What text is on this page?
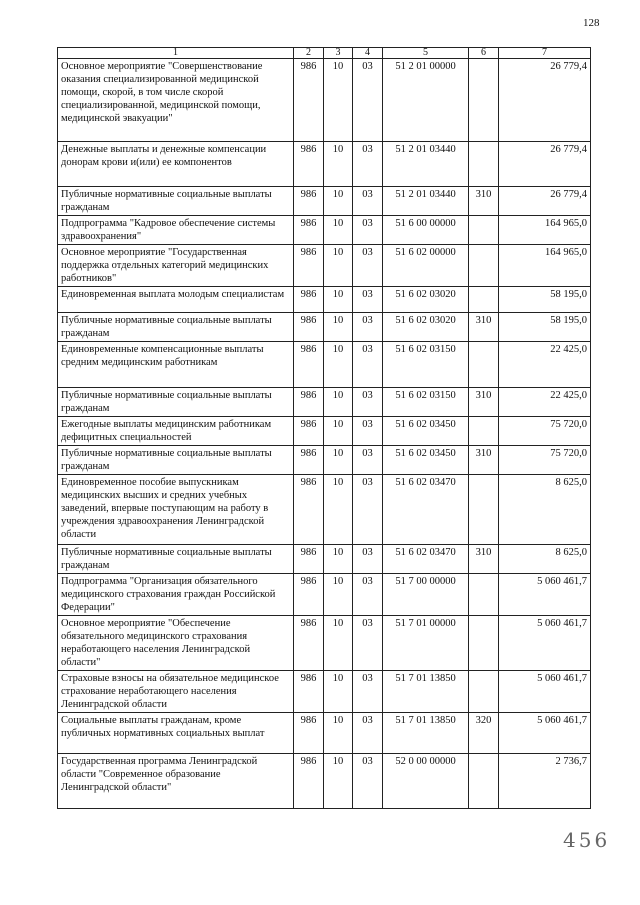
128
1	2	3	4	5	6	7
Основное мероприятие "Совершенствование оказания специализированной медицинской помощи, скорой, в том числе скорой специализированной, медицинской помощи, медицинской эвакуации"	986	10	03	51 2 01 00000		26 779,4
Денежные выплаты и денежные компенсации донорам крови и(или) ее компонентов	986	10	03	51 2 01 03440		26 779,4
Публичные нормативные социальные выплаты гражданам	986	10	03	51 2 01 03440	310	26 779,4
Подпрограмма "Кадровое обеспечение системы здравоохранения"	986	10	03	51 6 00 00000		164 965,0
Основное мероприятие "Государственная поддержка отдельных категорий медицинских работников"	986	10	03	51 6 02 00000		164 965,0
Единовременная выплата молодым специалистам	986	10	03	51 6 02 03020		58 195,0
Публичные нормативные социальные выплаты гражданам	986	10	03	51 6 02 03020	310	58 195,0
Единовременные компенсационные выплаты средним медицинским работникам	986	10	03	51 6 02 03150		22 425,0
Публичные нормативные социальные выплаты гражданам	986	10	03	51 6 02 03150	310	22 425,0
Ежегодные выплаты медицинским работникам дефицитных специальностей	986	10	03	51 6 02 03450		75 720,0
Публичные нормативные социальные выплаты гражданам	986	10	03	51 6 02 03450	310	75 720,0
Единовременное пособие выпускникам медицинских высших и средних учебных заведений, впервые поступающим на работу в учреждения здравоохранения Ленинградской области	986	10	03	51 6 02 03470		8 625,0
Публичные нормативные социальные выплаты гражданам	986	10	03	51 6 02 03470	310	8 625,0
Подпрограмма "Организация обязательного медицинского страхования граждан Российской Федерации"	986	10	03	51 7 00 00000		5 060 461,7
Основное мероприятие "Обеспечение обязательного медицинского страхования неработающего населения Ленинградской области"	986	10	03	51 7 01 00000		5 060 461,7
Страховые взносы на обязательное медицинское страхование неработающего населения Ленинградской области	986	10	03	51 7 01 13850		5 060 461,7
Социальные выплаты гражданам, кроме публичных нормативных социальных выплат	986	10	03	51 7 01 13850	320	5 060 461,7
Государственная программа Ленинградской области "Современное образование Ленинградской области"	986	10	03	52 0 00 00000		2 736,7
456
